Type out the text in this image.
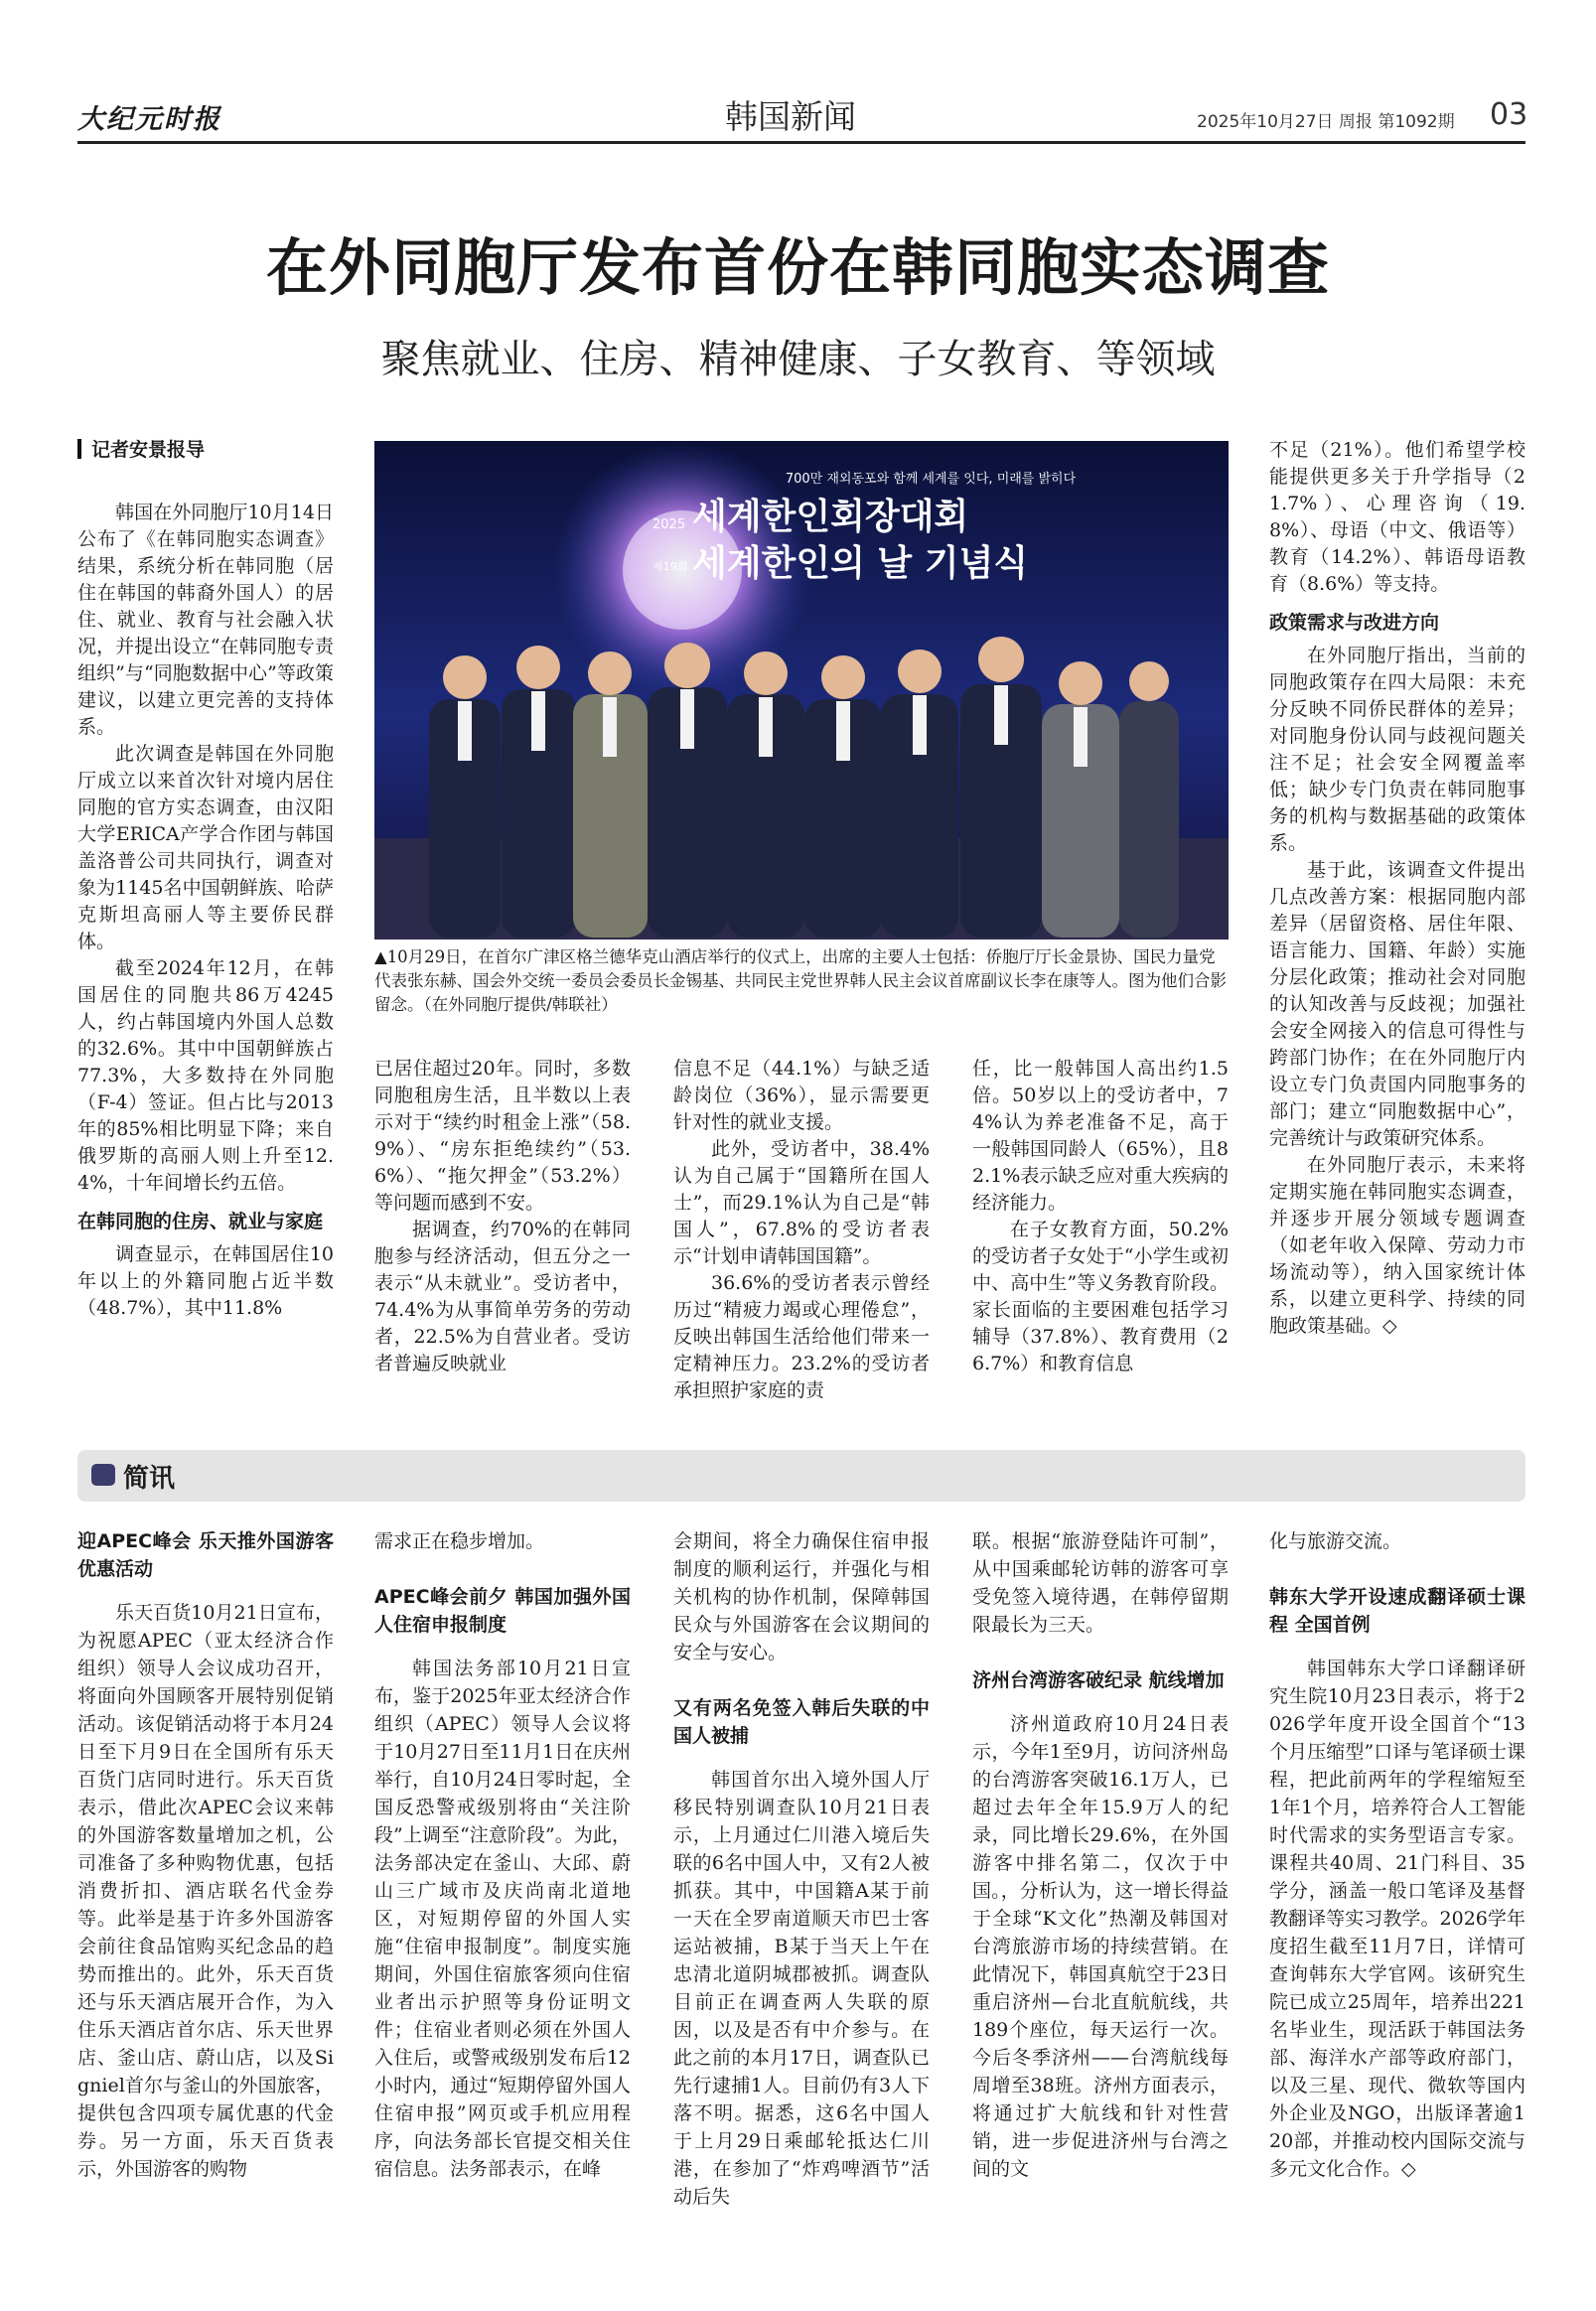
大纪元时报	韩国新闻	2025年10月27日 周报 第1092期 03
在外同胞厅发布首份在韩同胞实态调查
聚焦就业、住房、精神健康、子女教育、等领域
记者安景报导

韩国在外同胞厅10月14日公布了《在韩同胞实态调查》结果，系统分析在韩同胞（居住在韩国的韩裔外国人）的居住、就业、教育与社会融入状况，并提出设立“在韩同胞专责组织”与“同胞数据中心”等政策建议，以建立更完善的支持体系。

此次调查是韩国在外同胞厅成立以来首次针对境内居住同胞的官方实态调查，由汉阳大学ERICA产学合作团与韩国盖洛普公司共同执行，调查对象为1145名中国朝鲜族、哈萨克斯坦高丽人等主要侨民群体。

截至2024年12月，在韩国居住的同胞共86万4245人，约占韩国境内外国人总数的32.6%。其中中国朝鲜族占77.3%，大多数持在外同胞（F-4）签证。但占比与2013年的85%相比明显下降；来自俄罗斯的高丽人则上升至12.4%，十年间增长约五倍。

在韩同胞的住房、就业与家庭

调查显示，在韩国居住10年以上的外籍同胞占近半数（48.7%），其中11.8%

700만 재외동포와 함께 세계를 잇다, 미래를 밝히다
2025
제19회
세계한인회장대회
세계한인의 날 기념식
▲10月29日，在首尔广津区格兰德华克山酒店举行的仪式上，出席的主要人士包括：侨胞厅厅长金景协、国民力量党代表张东赫、国会外交统一委员会委员长金锡基、共同民主党世界韩人民主会议首席副议长李在康等人。图为他们合影留念。（在外同胞厅提供/韩联社）

已居住超过20年。同时，多数同胞租房生活，且半数以上表示对于“续约时租金上涨”（58.9%）、“房东拒绝续约”（53.6%）、“拖欠押金”（53.2%）等问题而感到不安。

据调查，约70%的在韩同胞参与经济活动，但五分之一表示“从未就业”。受访者中，74.4%为从事简单劳务的劳动者，22.5%为自营业者。受访者普遍反映就业

信息不足（44.1%）与缺乏适龄岗位（36%），显示需要更针对性的就业支援。

此外，受访者中，38.4%认为自己属于“国籍所在国人士”，而29.1%认为自己是“韩国人”，67.8%的受访者表示“计划申请韩国国籍”。

36.6%的受访者表示曾经历过“精疲力竭或心理倦怠”，反映出韩国生活给他们带来一定精神压力。23.2%的受访者承担照护家庭的责

任，比一般韩国人高出约1.5倍。50岁以上的受访者中，74%认为养老准备不足，高于一般韩国同龄人（65%），且82.1%表示缺乏应对重大疾病的经济能力。

在子女教育方面，50.2%的受访者子女处于“小学生或初中、高中生”等义务教育阶段。家长面临的主要困难包括学习辅导（37.8%）、教育费用（26.7%）和教育信息

不足（21%）。他们希望学校能提供更多关于升学指导（21.7%）、心理咨询（19.8%）、母语（中文、俄语等）教育（14.2%）、韩语母语教育（8.6%）等支持。

政策需求与改进方向

在外同胞厅指出，当前的同胞政策存在四大局限：未充分反映不同侨民群体的差异；对同胞身份认同与歧视问题关注不足；社会安全网覆盖率低；缺少专门负责在韩同胞事务的机构与数据基础的政策体系。

基于此，该调查文件提出几点改善方案：根据同胞内部差异（居留资格、居住年限、语言能力、国籍、年龄）实施分层化政策；推动社会对同胞的认知改善与反歧视；加强社会安全网接入的信息可得性与跨部门协作；在在外同胞厅内设立专门负责国内同胞事务的部门；建立“同胞数据中心”，完善统计与政策研究体系。

在外同胞厅表示，未来将定期实施在韩同胞实态调查，并逐步开展分领域专题调查（如老年收入保障、劳动力市场流动等），纳入国家统计体系，以建立更科学、持续的同胞政策基础。◇

简讯
迎APEC峰会 乐天推外国游客优惠活动

乐天百货10月21日宣布，为祝愿APEC（亚太经济合作组织）领导人会议成功召开，将面向外国顾客开展特别促销活动。该促销活动将于本月24日至下月9日在全国所有乐天百货门店同时进行。乐天百货表示，借此次APEC会议来韩的外国游客数量增加之机，公司准备了多种购物优惠，包括消费折扣、酒店联名代金券等。此举是基于许多外国游客会前往食品馆购买纪念品的趋势而推出的。此外，乐天百货还与乐天酒店展开合作，为入住乐天酒店首尔店、乐天世界店、釜山店、蔚山店，以及Signiel首尔与釜山的外国旅客，提供包含四项专属优惠的代金券。另一方面，乐天百货表示，外国游客的购物

需求正在稳步增加。

APEC峰会前夕 韩国加强外国人住宿申报制度

韩国法务部10月21日宣布，鉴于2025年亚太经济合作组织（APEC）领导人会议将于10月27日至11月1日在庆州举行，自10月24日零时起，全国反恐警戒级别将由“关注阶段”上调至“注意阶段”。为此，法务部决定在釜山、大邱、蔚山三广域市及庆尚南北道地区，对短期停留的外国人实施“住宿申报制度”。制度实施期间，外国住宿旅客须向住宿业者出示护照等身份证明文件；住宿业者则必须在外国人入住后，或警戒级别发布后12小时内，通过“短期停留外国人住宿申报”网页或手机应用程序，向法务部长官提交相关住宿信息。法务部表示，在峰

会期间，将全力确保住宿申报制度的顺利运行，并强化与相关机构的协作机制，保障韩国民众与外国游客在会议期间的安全与安心。

又有两名免签入韩后失联的中国人被捕

韩国首尔出入境外国人厅移民特别调查队10月21日表示，上月通过仁川港入境后失联的6名中国人中，又有2人被抓获。其中，中国籍A某于前一天在全罗南道顺天市巴士客运站被捕，B某于当天上午在忠清北道阴城郡被抓。调查队目前正在调查两人失联的原因，以及是否有中介参与。在此之前的本月17日，调查队已先行逮捕1人。目前仍有3人下落不明。据悉，这6名中国人于上月29日乘邮轮抵达仁川港，在参加了“炸鸡啤酒节”活动后失

联。根据“旅游登陆许可制”，从中国乘邮轮访韩的游客可享受免签入境待遇，在韩停留期限最长为三天。

济州台湾游客破纪录 航线增加

济州道政府10月24日表示，今年1至9月，访问济州岛的台湾游客突破16.1万人，已超过去年全年15.9万人的纪录，同比增长29.6%，在外国游客中排名第二，仅次于中国。，分析认为，这一增长得益于全球“K文化”热潮及韩国对台湾旅游市场的持续营销。在此情况下，韩国真航空于23日重启济州—台北直航航线，共189个座位，每天运行一次。今后冬季济州——台湾航线每周增至38班。济州方面表示，将通过扩大航线和针对性营销，进一步促进济州与台湾之间的文

化与旅游交流。

韩东大学开设速成翻译硕士课程 全国首例

韩国韩东大学口译翻译研究生院10月23日表示，将于2026学年度开设全国首个“13个月压缩型”口译与笔译硕士课程，把此前两年的学程缩短至1年1个月，培养符合人工智能时代需求的实务型语言专家。课程共40周、21门科目、35学分，涵盖一般口笔译及基督教翻译等实习教学。2026学年度招生截至11月7日，详情可查询韩东大学官网。该研究生院已成立25周年，培养出221名毕业生，现活跃于韩国法务部、海洋水产部等政府部门，以及三星、现代、微软等国内外企业及NGO，出版译著逾120部，并推动校内国际交流与多元文化合作。◇
